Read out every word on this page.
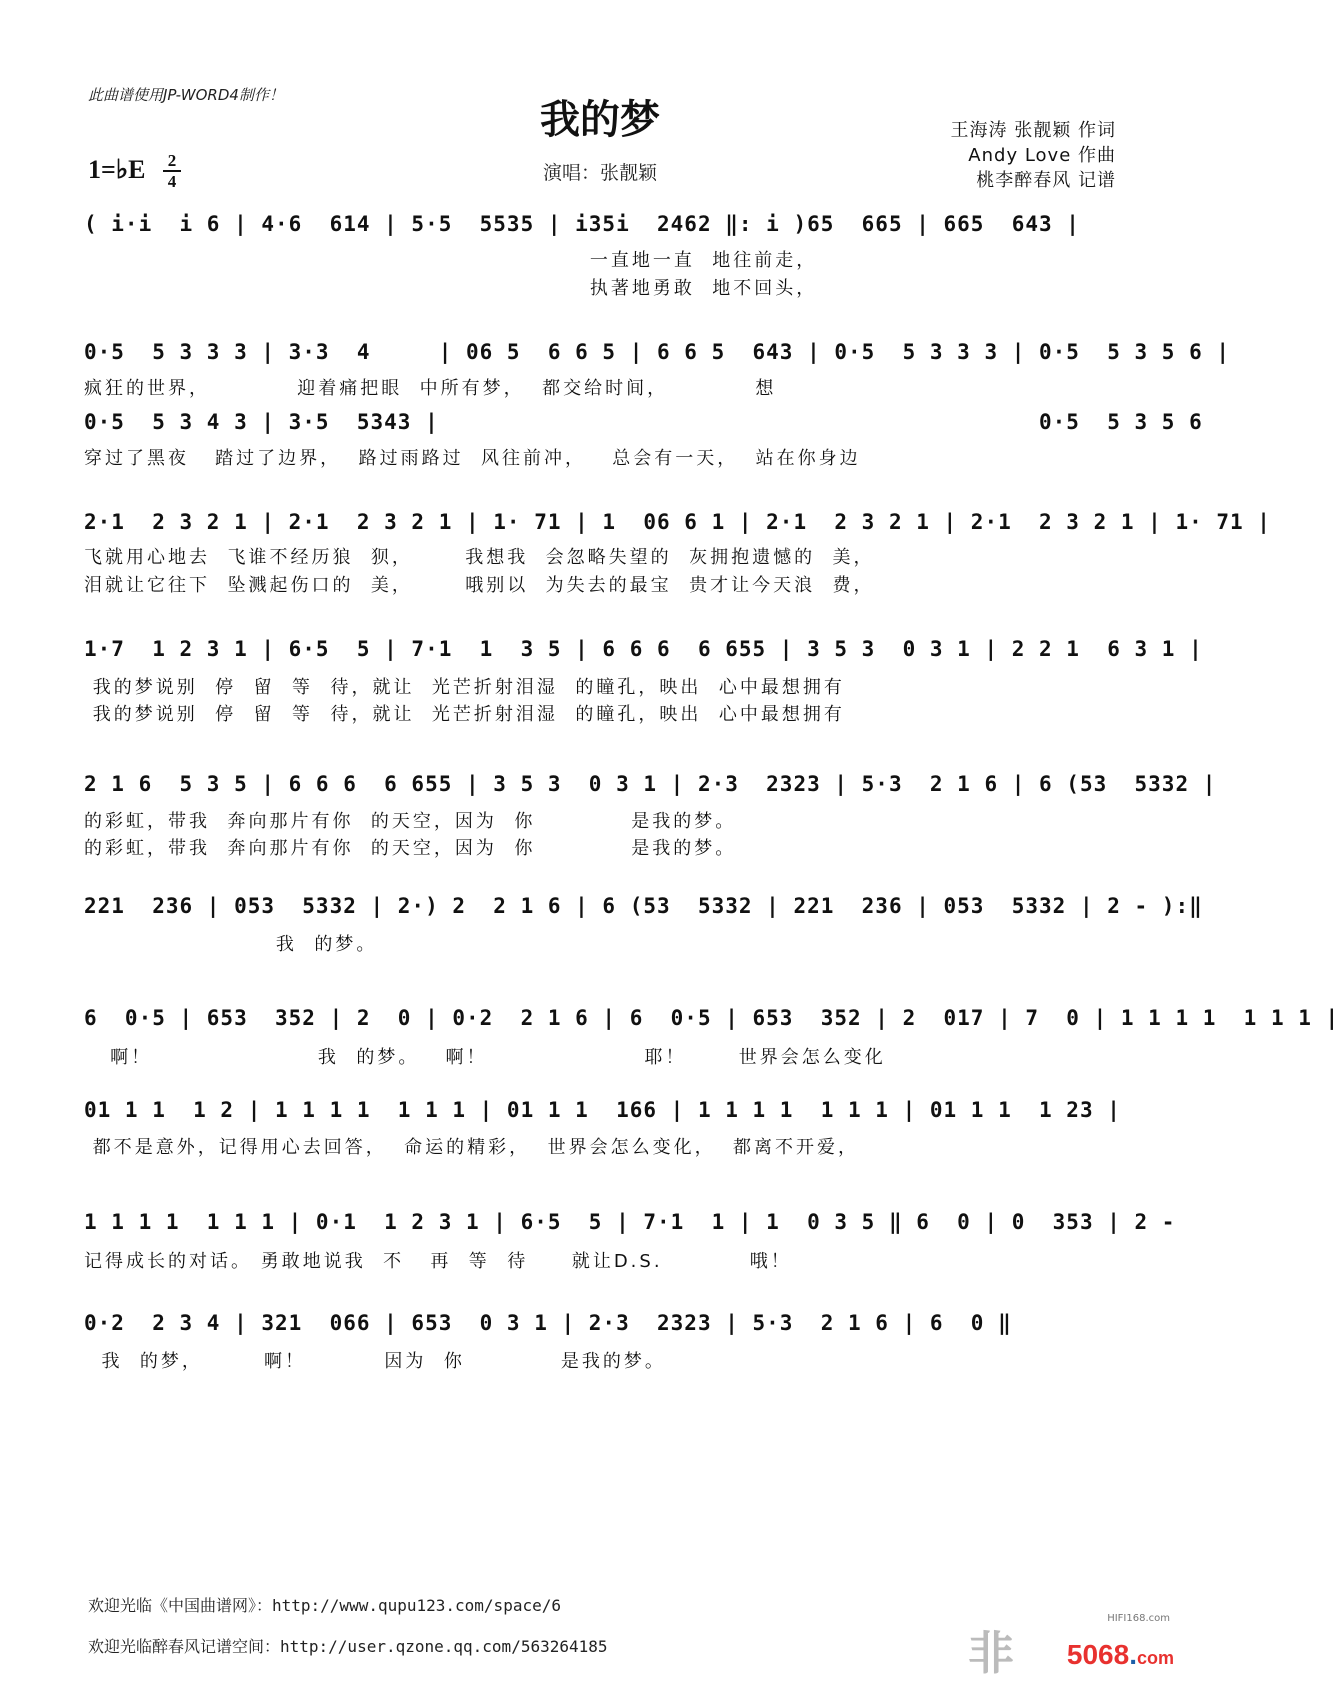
此曲谱使用JP-WORD4制作！
我的梦
1=♭E 2
4	演唱：张靓颖
王海涛 张靓颖 作词
Andy Love 作曲
桃李醉春风 记谱
( i·i  i 6 | 4·6  614 | 5·5  5535 | i35i  2462 ‖: i )65  665 | 665  643 |
一直地一直  地往前走，
执著地勇敢  地不回头，
0·5  5 3 3 3 | 3·3  4     | 06 5  6 6 5 | 6 6 5  643 | 0·5  5 3 3 3 | 0·5  5 3 5 6 |
疯狂的世界，          迎着痛把眼  中所有梦，  都交给时间，          想
0·5  5 3 4 3 | 3·5  5343 |                                            0·5  5 3 5 6
穿过了黑夜   踏过了边界，  路过雨路过  风往前冲，   总会有一天，  站在你身边
2·1  2 3 2 1 | 2·1  2 3 2 1 | 1· 71 | 1  06 6 1 | 2·1  2 3 2 1 | 2·1  2 3 2 1 | 1· 71 |
飞就用心地去  飞谁不经历狼  狈，      我想我  会忽略失望的  灰拥抱遗憾的  美，
泪就让它往下  坠溅起伤口的  美，      哦别以  为失去的最宝  贵才让今天浪  费，
1·7  1 2 3 1 | 6·5  5 | 7·1  1  3 5 | 6 6 6  6 655 | 3 5 3  0 3 1 | 2 2 1  6 3 1 |
我的梦说别  停  留  等  待，就让  光芒折射泪湿  的瞳孔，映出  心中最想拥有
我的梦说别  停  留  等  待，就让  光芒折射泪湿  的瞳孔，映出  心中最想拥有
2 1 6  5 3 5 | 6 6 6  6 655 | 3 5 3  0 3 1 | 2·3  2323 | 5·3  2 1 6 | 6 (53  5332 |
的彩虹，带我  奔向那片有你  的天空，因为  你           是我的梦。
的彩虹，带我  奔向那片有你  的天空，因为  你           是我的梦。
221  236 | 053  5332 | 2·) 2  2 1 6 | 6 (53  5332 | 221  236 | 053  5332 | 2 - ):‖
我  的梦。
6  0·5 | 653  352 | 2  0 | 0·2  2 1 6 | 6  0·5 | 653  352 | 2  017 | 7  0 | 1 1 1 1  1 1 1 |
啊！                   我  的梦。   啊！                  耶！      世界会怎么变化
01 1 1  1 2 | 1 1 1 1  1 1 1 | 01 1 1  166 | 1 1 1 1  1 1 1 | 01 1 1  1 23 |
都不是意外，记得用心去回答，  命运的精彩，  世界会怎么变化，  都离不开爱，
1 1 1 1  1 1 1 | 0·1  1 2 3 1 | 6·5  5 | 7·1  1 | 1  0 3 5 ‖ 6  0 | 0  353 | 2 -
记得成长的对话。 勇敢地说我  不   再  等  待     就让D.S.          哦！
0·2  2 3 4 | 321  066 | 653  0 3 1 | 2·3  2323 | 5·3  2 1 6 | 6  0 ‖
我  的梦，       啊！         因为  你           是我的梦。
欢迎光临《中国曲谱网》：http://www.qupu123.com/space/6
欢迎光临醉春风记谱空间：http://user.qzone.qq.com/563264185	非
HIFI168.com
5068.com
